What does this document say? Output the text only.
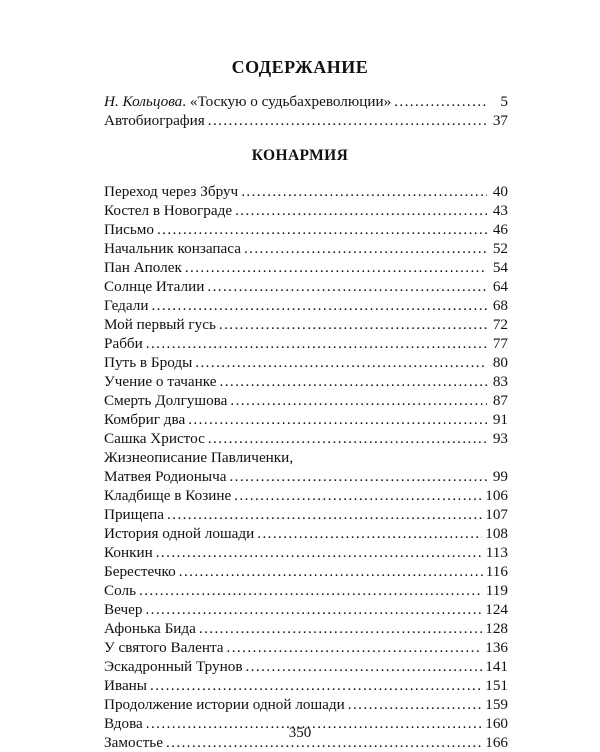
СОДЕРЖАНИЕ
Н. Кольцова. «Тоскую о судьбахреволюции» . . .	5
Автобиография . . .	37
КОНАРМИЯ
Переход через Збруч . . .	40
Костел в Новограде . . .	43
Письмо . . .	46
Начальник конзапаса . . .	52
Пан Аполек . . .	54
Солнце Италии . . .	64
Гедали . . .	68
Мой первый гусь . . .	72
Рабби . . .	77
Путь в Броды . . .	80
Учение о тачанке . . .	83
Смерть Долгушова . . .	87
Комбриг два . . .	91
Сашка Христос . . .	93
Жизнеописание Павличенки,
Матвея Родионыча . . .	99
Кладбище в Козине . . .	106
Прищепа . . .	107
История одной лошади . . .	108
Конкин . . .	113
Берестечко . . .	116
Соль . . .	119
Вечер . . .	124
Афонька Бида . . .	128
У святого Валента . . .	136
Эскадронный Трунов . . .	141
Иваны . . .	151
Продолжение истории одной лошади . . .	159
Вдова . . .	160
Замостье . . .	166
350
